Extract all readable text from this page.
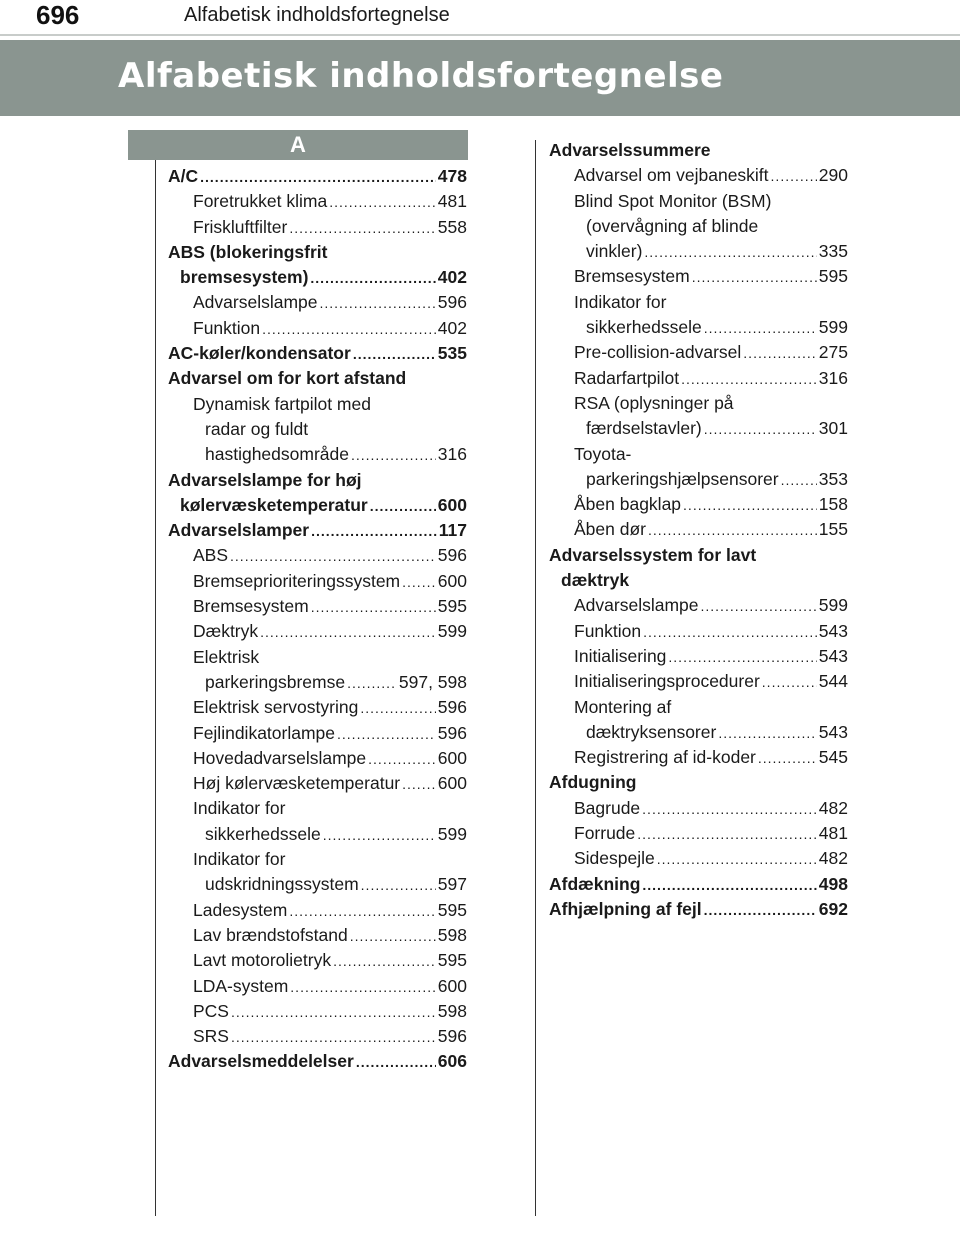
696	Alfabetisk indholdsfortegnelse
Alfabetisk indholdsfortegnelse
A
A/C .....	478
Foretrukket klima .....	481
Friskluftfilter .....	558
ABS (blokeringsfrit
bremsesystem) .....	402
Advarselslampe .....	596
Funktion .....	402
AC-køler/kondensator .....	535
Advarsel om for kort afstand
Dynamisk fartpilot med
radar og fuldt
hastighedsområde .....	316
Advarselslampe for høj
kølervæsketemperatur .....	600
Advarselslamper .....	117
ABS .....	596
Bremseprioriteringssystem ..... 600
Bremsesystem .....	595
Dæktryk .....	599
Elektrisk
parkeringsbremse .....	597, 598
Elektrisk servostyring .....	596
Fejlindikatorlampe .....	596
Hovedadvarselslampe .....	600
Høj kølervæsketemperatur ..... 600
Indikator for
sikkerhedssele .....	599
Indikator for
udskridningssystem .....	597
Ladesystem .....	595
Lav brændstofstand .....	598
Lavt motorolietryk .....	595
LDA-system .....	600
PCS .....	598
SRS .....	596
Advarselsmeddelelser .....	606
Advarselssummere
Advarsel om vejbaneskift .....	290
Blind Spot Monitor (BSM)
(overvågning af blinde
vinkler) .....	335
Bremsesystem .....	595
Indikator for
sikkerhedssele .....	599
Pre-collision-advarsel .....	275
Radarfartpilot .....	316
RSA (oplysninger på
færdselstavler) .....	301
Toyota-
parkeringshjælpsensorer ..... 353
Åben bagklap .....	158
Åben dør .....	155
Advarselssystem for lavt
dæktryk
Advarselslampe .....	599
Funktion .....	543
Initialisering .....	543
Initialiseringsprocedurer .....	544
Montering af
dæktryksensorer .....	543
Registrering af id-koder .....	545
Afdugning
Bagrude .....	482
Forrude .....	481
Sidespejle .....	482
Afdækning .....	498
Afhjælpning af fejl .....	692
